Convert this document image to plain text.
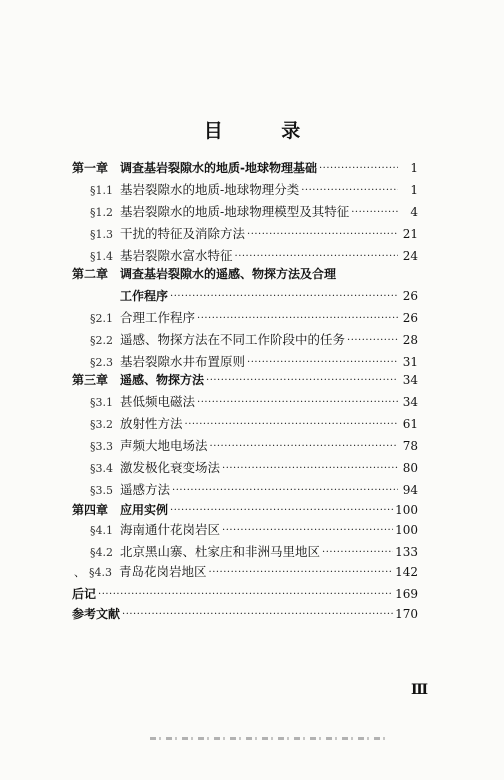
目 录
第一章 调查基岩裂隙水的地质-地球物理基础 ·····	1
§1.1 基岩裂隙水的地质-地球物理分类 ·····	1
§1.2 基岩裂隙水的地质-地球物理模型及其特征 ·····	4
§1.3 干扰的特征及消除方法 ·····	21
§1.4 基岩裂隙水富水特征 ·····	24
第二章 调查基岩裂隙水的遥感、物探方法及合理
工作程序 ·····	26
§2.1 合理工作程序 ·····	26
§2.2 遥感、物探方法在不同工作阶段中的任务 ·····	28
§2.3 基岩裂隙水井布置原则 ·····	31
第三章 遥感、物探方法 ·····	34
§3.1 甚低频电磁法 ·····	34
§3.2 放射性方法 ·····	61
§3.3 声频大地电场法 ·····	78
§3.4 激发极化衰变场法 ·····	80
§3.5 遥感方法 ·····	94
第四章 应用实例 ·····	100
§4.1 海南通什花岗岩区 ·····	100
§4.2 北京黑山寨、杜家庄和非洲马里地区 ·····	133
、 §4.3 青岛花岗岩地区 ·····	142
后记 ·····	169
参考文献 ·····	170
Ⅲ
